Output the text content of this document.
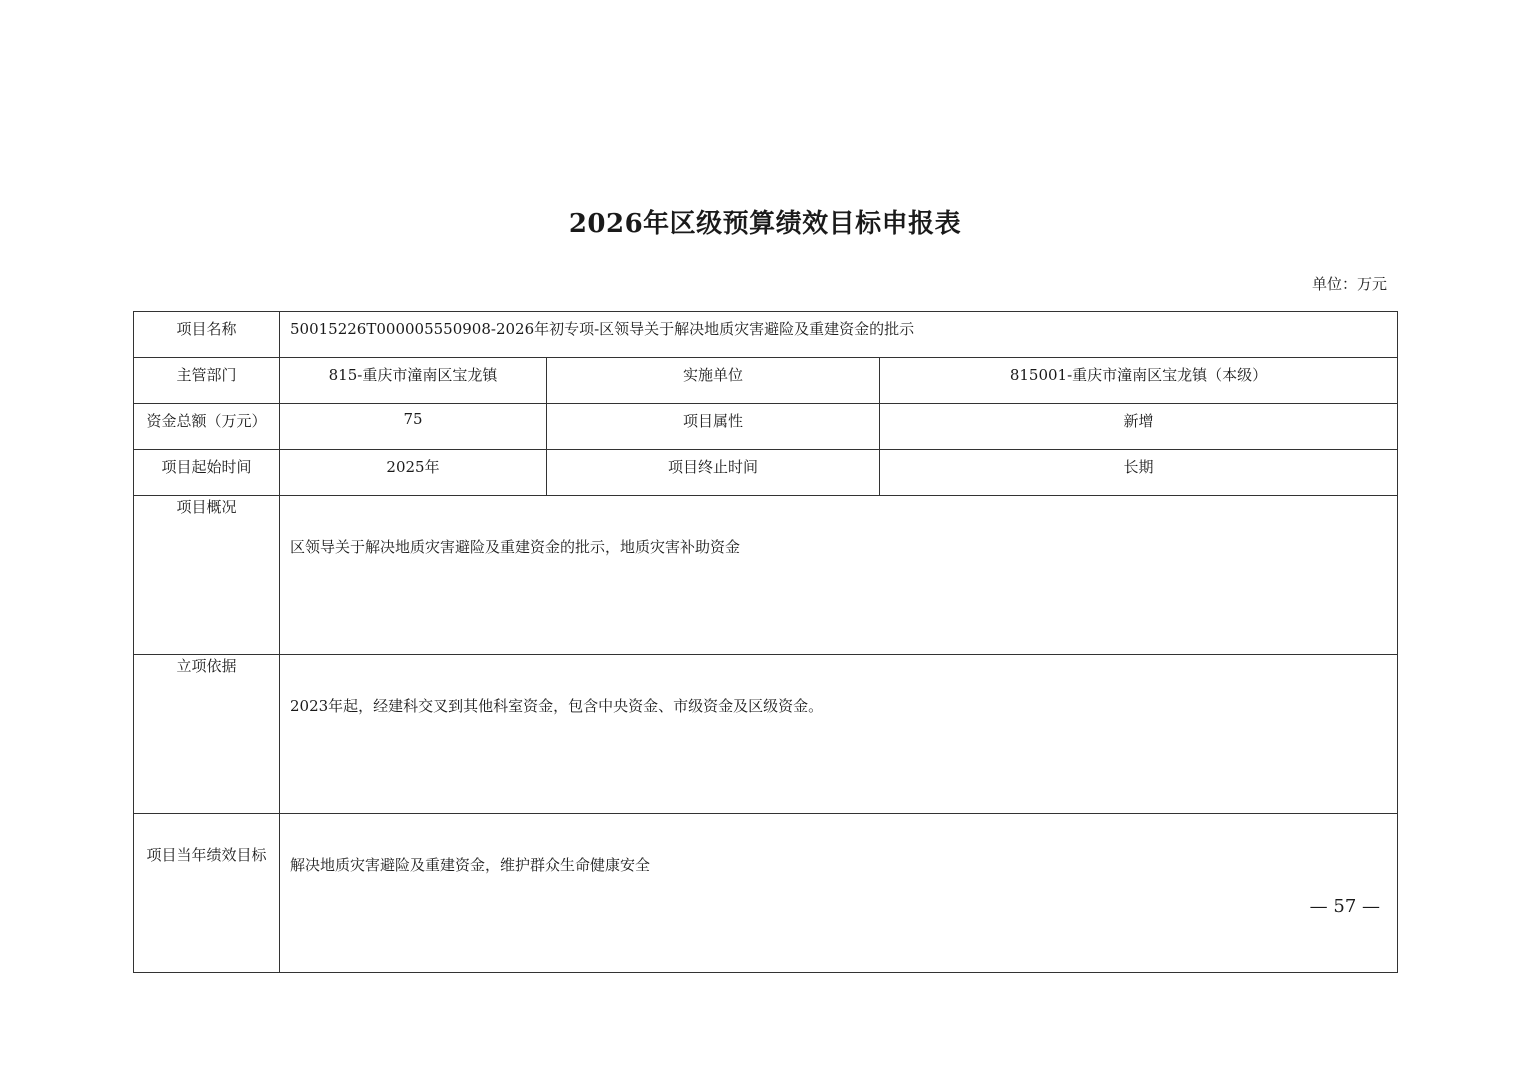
2026年区级预算绩效目标申报表
单位：万元
项目名称	50015226T000005550908-2026年初专项-区领导关于解决地质灾害避险及重建资金的批示		
主管部门	815-重庆市潼南区宝龙镇	实施单位	815001-重庆市潼南区宝龙镇（本级）
资金总额（万元）	75	项目属性	新增
项目起始时间	2025年	项目终止时间	长期
项目概况	区领导关于解决地质灾害避险及重建资金的批示，地质灾害补助资金		
立项依据	2023年起，经建科交叉到其他科室资金，包含中央资金、市级资金及区级资金。		
项目当年绩效目标	解决地质灾害避险及重建资金，维护群众生命健康安全		
— 57 —
